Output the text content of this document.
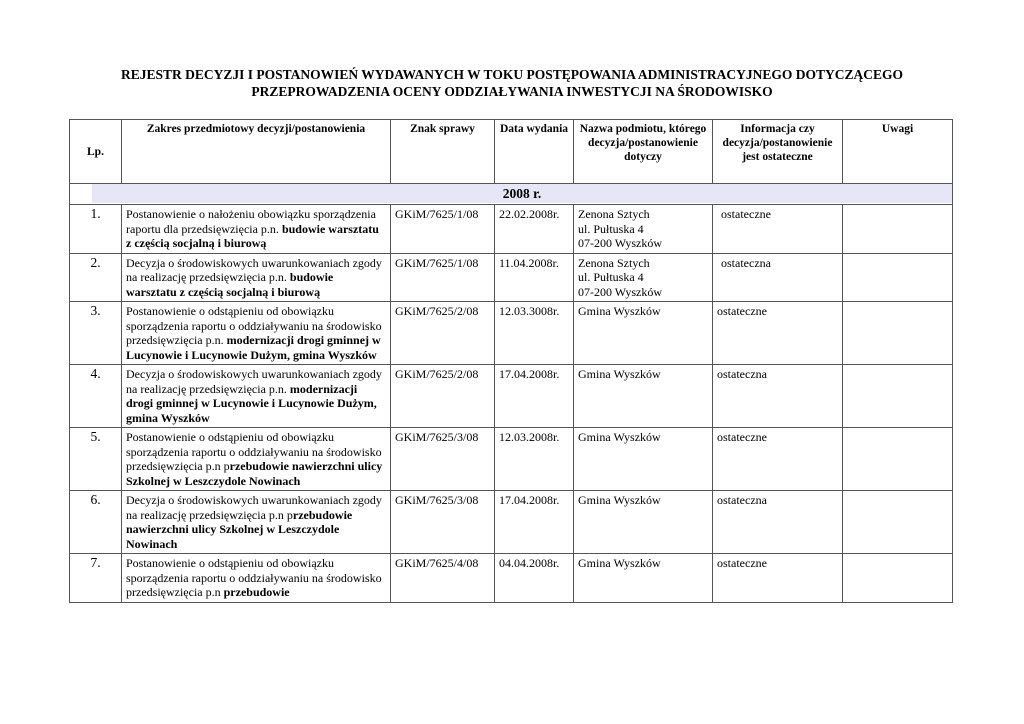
REJESTR DECYZJI I POSTANOWIEŃ WYDAWANYCH W TOKU POSTĘPOWANIA ADMINISTRACYJNEGO DOTYCZĄCEGO
PRZEPROWADZENIA OCENY ODDZIAŁYWANIA INWESTYCJI NA ŚRODOWISKO
Lp.	Zakres przedmiotowy decyzji/postanowienia	Znak sprawy	Data wydania	Nazwa podmiotu, którego decyzja/postanowienie dotyczy	Informacja czy decyzja/postanowienie jest ostateczne	Uwagi

2008 r.						

1.	Postanowienie o nałożeniu obowiązku sporządzenia raportu dla przedsięwzięcia p.n. budowie warsztatu z częścią socjalną i biurową	GKiM/7625/1/08	22.02.2008r.	Zenona Sztych
ul. Pułtuska 4
07-200 Wyszków	ostateczne	
2.	Decyzja o środowiskowych uwarunkowaniach zgody na realizację przedsięwzięcia p.n. budowie warsztatu z częścią socjalną i biurową	GKiM/7625/1/08	11.04.2008r.	Zenona Sztych
ul. Pułtuska 4
07-200 Wyszków	ostateczna	
3.	Postanowienie o odstąpieniu od obowiązku sporządzenia raportu o oddziaływaniu na środowisko przedsięwzięcia p.n. modernizacji drogi gminnej w Lucynowie i Lucynowie Dużym, gmina Wyszków	GKiM/7625/2/08	12.03.3008r.	Gmina Wyszków	ostateczne	
4.	Decyzja o środowiskowych uwarunkowaniach zgody na realizację przedsięwzięcia p.n. modernizacji drogi gminnej w Lucynowie i Lucynowie Dużym, gmina Wyszków	GKiM/7625/2/08	17.04.2008r.	Gmina Wyszków	ostateczna	
5.	Postanowienie o odstąpieniu od obowiązku sporządzenia raportu o oddziaływaniu na środowisko przedsięwzięcia p.n przebudowie nawierzchni ulicy Szkolnej w Leszczydole Nowinach	GKiM/7625/3/08	12.03.2008r.	Gmina Wyszków	ostateczne	
6.	Decyzja o środowiskowych uwarunkowaniach zgody na realizację przedsięwzięcia p.n przebudowie nawierzchni ulicy Szkolnej w Leszczydole Nowinach	GKiM/7625/3/08	17.04.2008r.	Gmina Wyszków	ostateczna	
7.	Postanowienie o odstąpieniu od obowiązku sporządzenia raportu o oddziaływaniu na środowisko przedsięwzięcia p.n przebudowie	GKiM/7625/4/08	04.04.2008r.	Gmina Wyszków	ostateczne	
